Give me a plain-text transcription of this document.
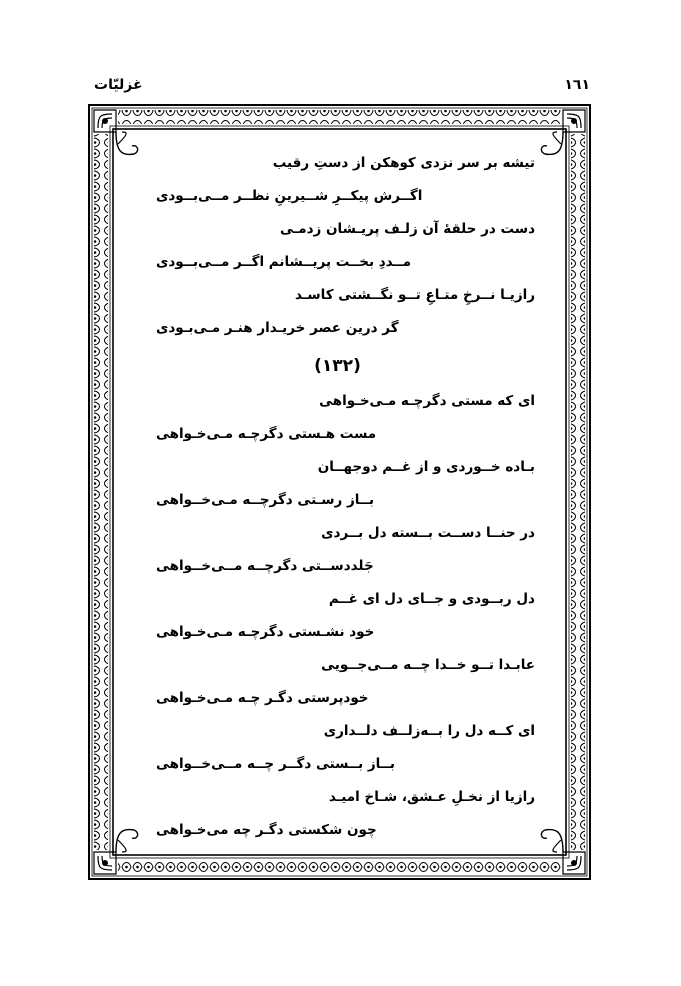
١٦١
غزلیّات
تیشه بر سر نزدی کوهکن از دستِ رقیب
اگــرش پیکــرِ شــیرینِ نظــر مــی‌بــودی
دست در حلقهٔ آن زلـف پریـشان زدمـی
مــددِ بخــت پریــشانم اگــر مــی‌بــودی
رازیـا نــرخِ متـاعِ تــو نگــشتی کاسـد
گر درین عصر خریـدار هنـر مـی‌بـودی
(۱۳۲)
ای که مستی دگرچـه مـی‌خـواهی
مست هـستی دگرچـه مـی‌خـواهی
بـاده خــوردی و از غــم دوجهــان
بــاز رسـتی دگرچــه مـی‌خــواهی
در حنــا دســت بــسته دل بــردی
جَلددســتی دگرچــه مــی‌خــواهی
دل ربــودی و جــای دل ای غــم
خود نشـستی دگرچـه مـی‌خـواهی
عابـدا تــو خــدا چــه مــی‌جــویی
خودپرستی دگـر چـه مـی‌خـواهی
ای کــه دل را بــه‌زلــف دلــداری
بــاز بــستی دگــر چــه مــی‌خــواهی
رازیا از نخـلِ عـشق، شـاخ امیـد
چون شکستی دگـر چه می‌خـواهی
